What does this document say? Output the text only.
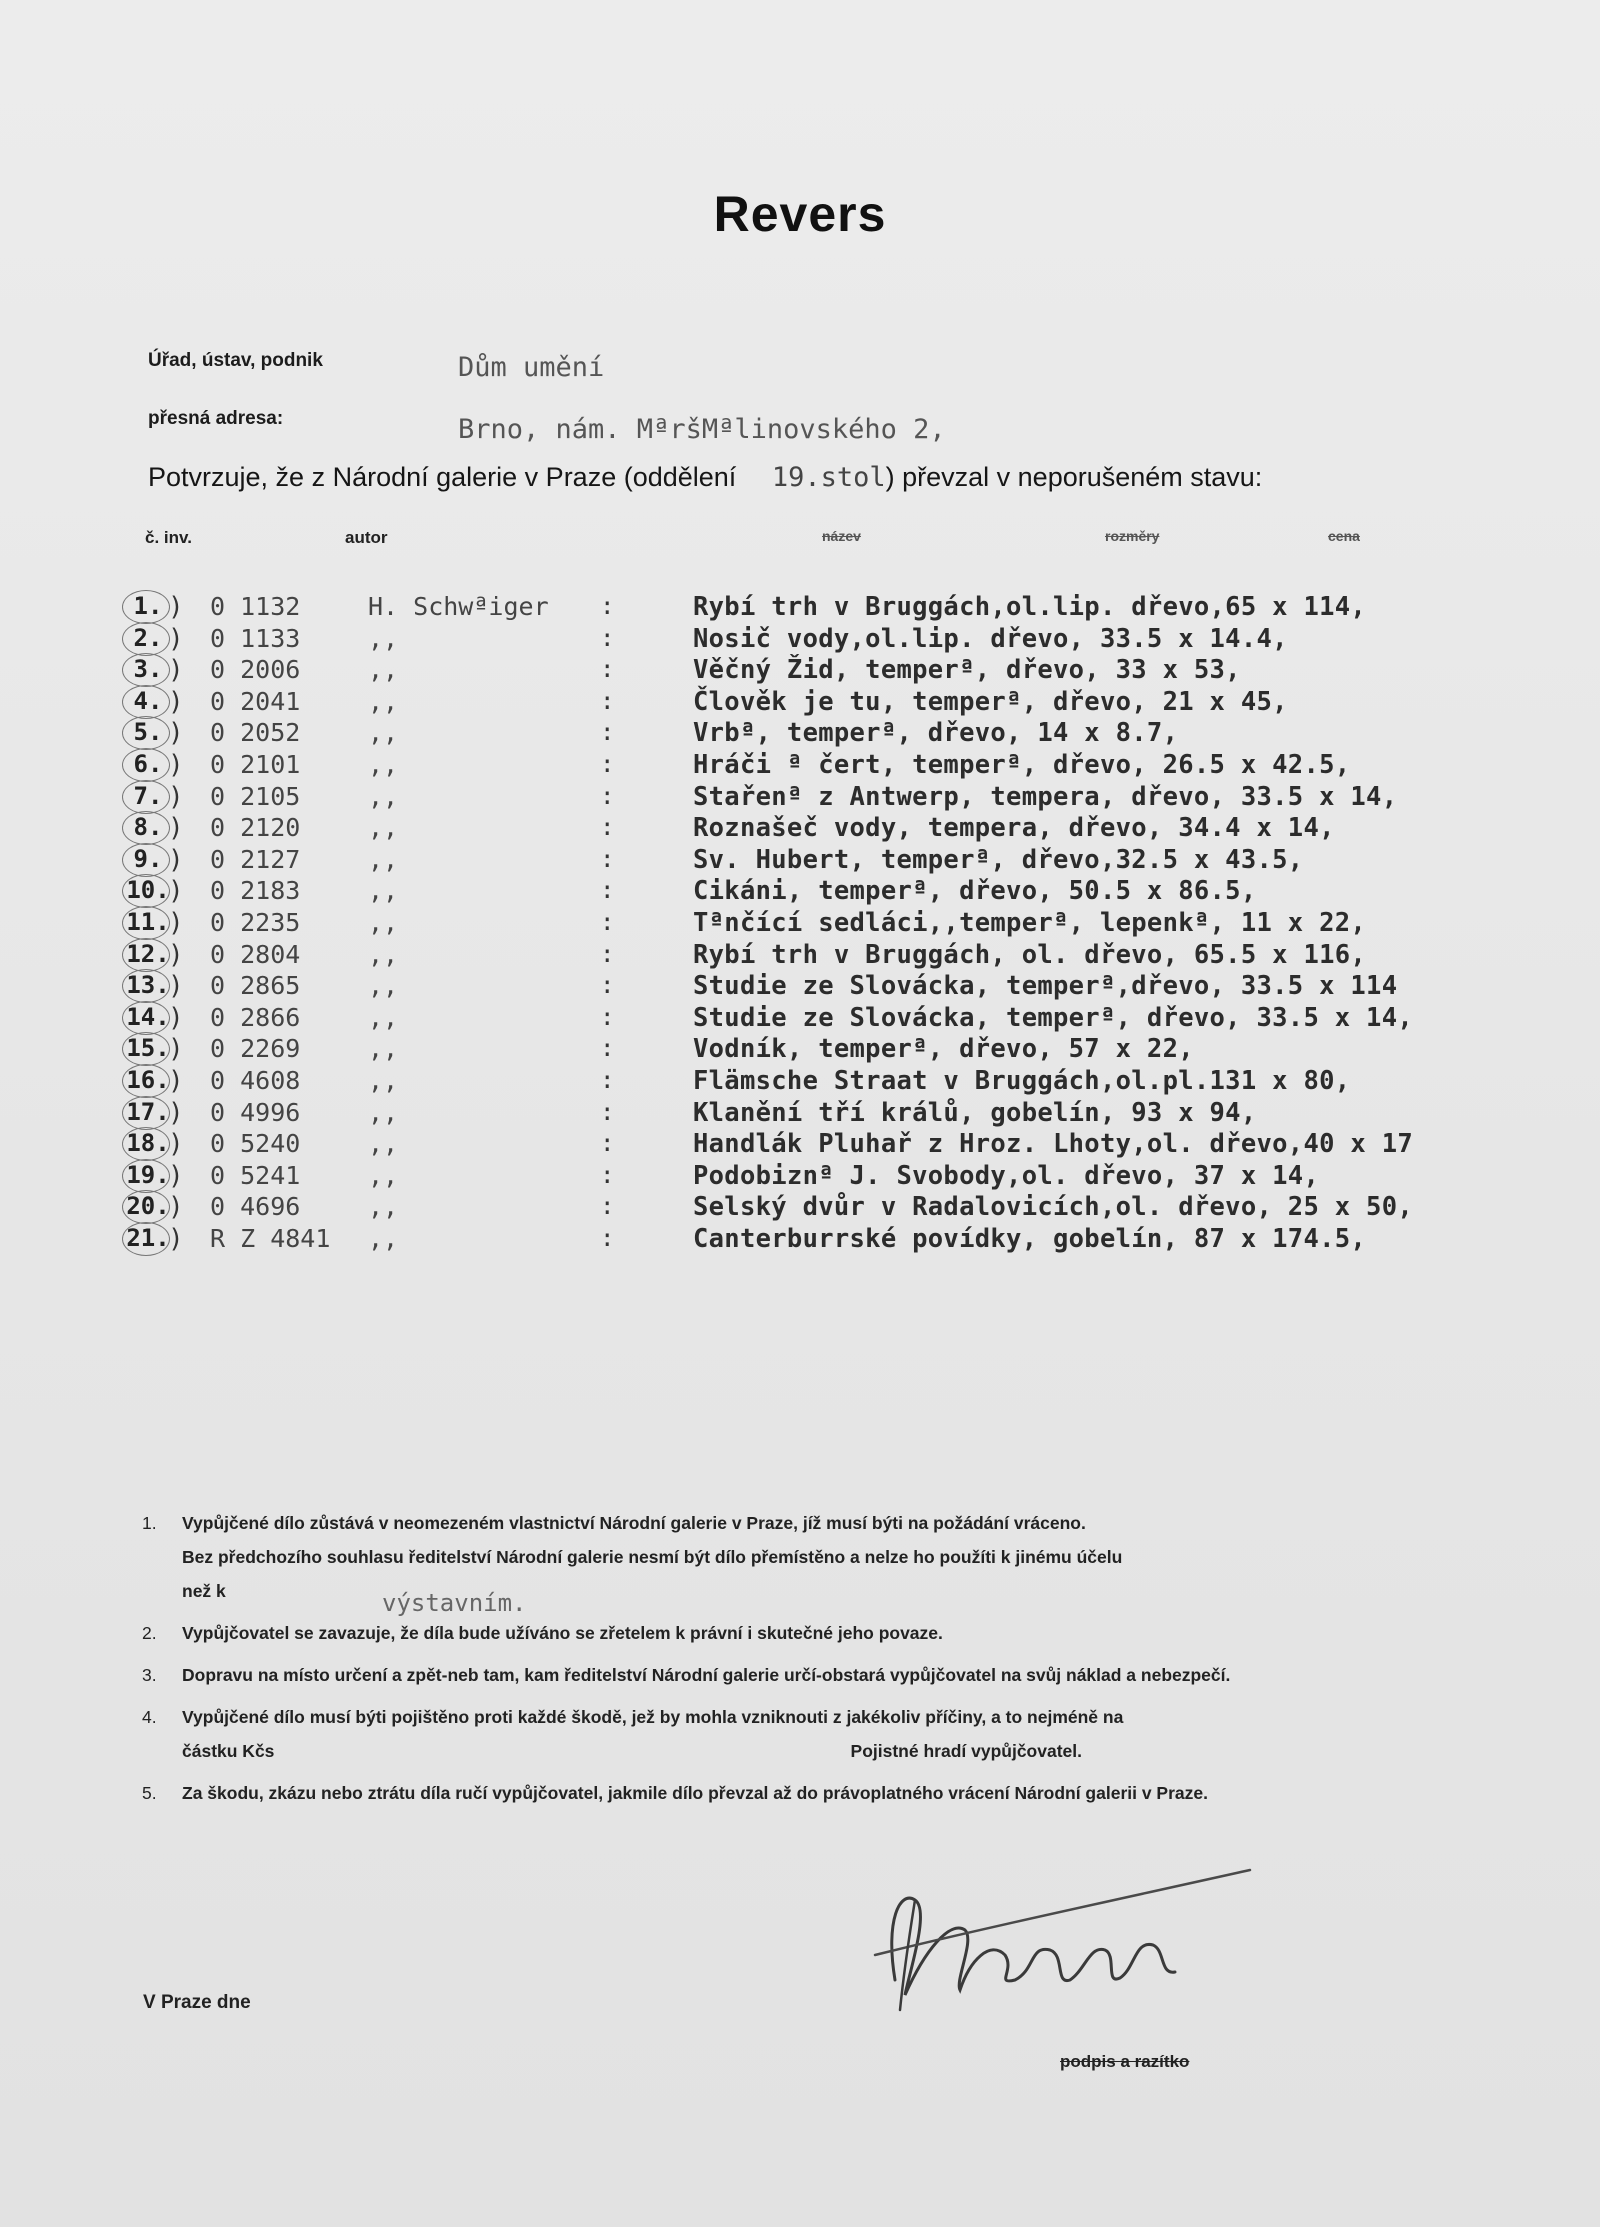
Revers
Úřad, ústav, podnik	Dům umění
přesná adresa:	Brno, nám. MªršMªlinovského 2,
Potvrzuje, že z Národní galerie v Praze (oddělení 19.stol) převzal v neporušeném stavu:
č. inv.	autor	název	rozměry	cena
1.	0 1132	H. Schwªiger :	Rybí trh v Bruggách,ol.lip. dřevo,65 x 114,
)
2.	0 1133	,,	:	Nosič vody,ol.lip. dřevo, 33.5 x 14.4,
)
3.	0 2006	,,	:	Věčný Žid, temperª, dřevo, 33 x 53,
)
4.	0 2041	,,	:	Člověk je tu, temperª, dřevo, 21 x 45,
)
5.	0 2052	,,	:	Vrbª, temperª, dřevo, 14 x 8.7,
)
6.	0 2101	,,	:	Hráči ª čert, temperª, dřevo, 26.5 x 42.5,
)
7.	0 2105	,,	:	Stařenª z Antwerp, tempera, dřevo, 33.5 x 14,
)
8.	0 2120	,,	:	Roznašeč vody, tempera, dřevo, 34.4 x 14,
)
9.	0 2127	,,	:	Sv. Hubert, temperª, dřevo,32.5 x 43.5,
)
10.	0 2183	,,	:	Cikáni, temperª, dřevo, 50.5 x 86.5,
)
11.	0 2235	,,	:	Tªnčící sedláci,,temperª, lepenkª, 11 x 22,
)
12.	0 2804	,,	:	Rybí trh v Bruggách, ol. dřevo, 65.5 x 116,
)
13.	0 2865	,,	:	Studie ze Slovácka, temperª,dřevo, 33.5 x 114
)
14.	0 2866	,,	:	Studie ze Slovácka, temperª, dřevo, 33.5 x 14,
)
15.	0 2269	,,	:	Vodník, temperª, dřevo, 57 x 22,
)
16.	0 4608	,,	:	Flämsche Straat v Bruggách,ol.pl.131 x 80,
)
17.	0 4996	,,	:	Klanění tří králů, gobelín, 93 x 94,
)
18.	0 5240	,,	:	Handlák Pluhař z Hroz. Lhoty,ol. dřevo,40 x 17
)
19.	0 5241	,,	:	Podobiznª J. Svobody,ol. dřevo, 37 x 14,
)
20.	0 4696	,,	:	Selský dvůr v Radalovicích,ol. dřevo, 25 x 50,
)
21.	R Z 4841 ,,	:	Canterburrské povídky, gobelín, 87 x 174.5,
)
1. Vypůjčené dílo zůstává v neomezeném vlastnictví Národní galerie v Praze, jíž musí býti na požádání vráceno.
Bez předchozího souhlasu ředitelství Národní galerie nesmí být dílo přemístěno a nelze ho použíti k jinému účelu
než k	výstavním.
2. Vypůjčovatel se zavazuje, že díla bude užíváno se zřetelem k právní i skutečné jeho povaze.
3. Dopravu na místo určení a zpět-neb tam, kam ředitelství Národní galerie určí-obstará vypůjčovatel na svůj náklad a nebezpečí.
4. Vypůjčené dílo musí býti pojištěno proti každé škodě, jež by mohla vzniknouti z jakékoliv příčiny, a to nejméně na
částku Kčs	Pojistné hradí vypůjčovatel.
5. Za škodu, zkázu nebo ztrátu díla ručí vypůjčovatel, jakmile dílo převzal až do právoplatného vrácení Národní galerii v Praze.
V Praze dne
podpis a razítko
